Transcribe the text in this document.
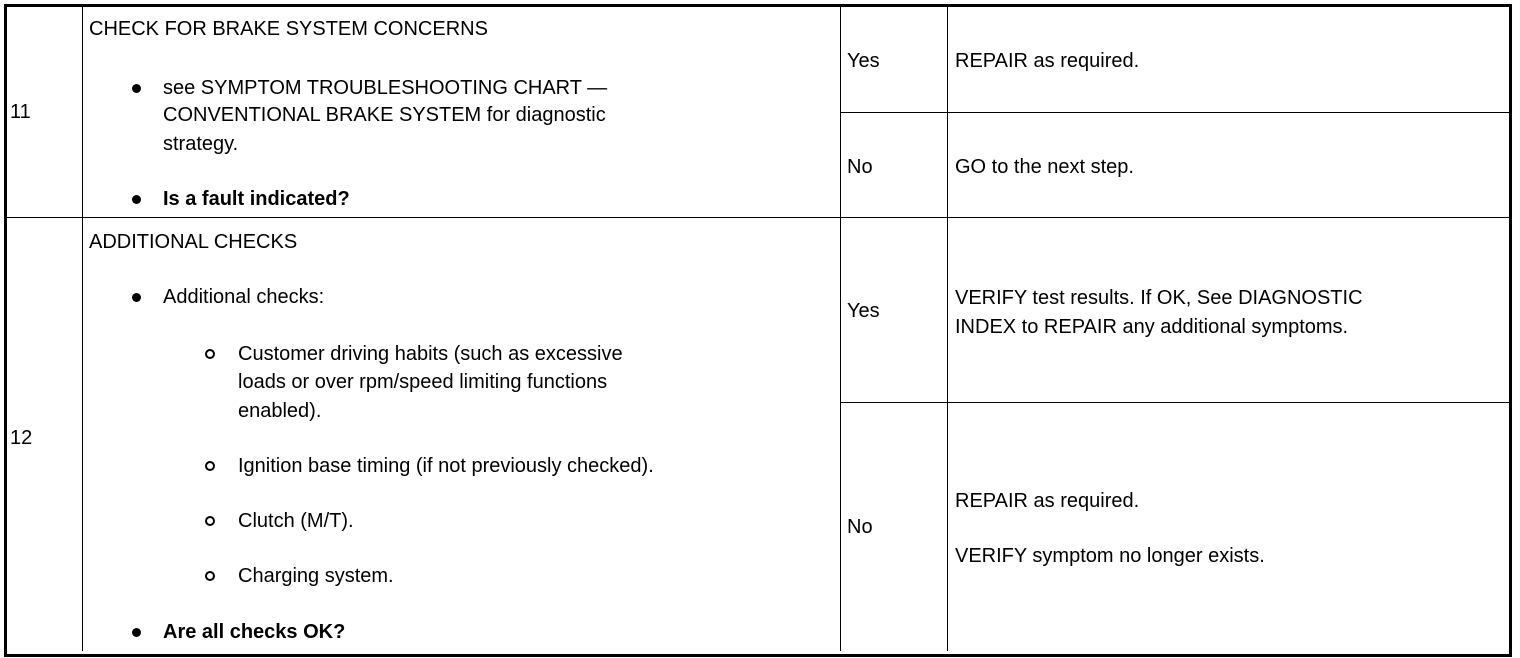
11
CHECK FOR BRAKE SYSTEM CONCERNS
see SYMPTOM TROUBLESHOOTING CHART —
CONVENTIONAL BRAKE SYSTEM for diagnostic
strategy.
Is a fault indicated?
Yes	REPAIR as required.
No	GO to the next step.
12
ADDITIONAL CHECKS
Additional checks:
Customer driving habits (such as excessive
loads or over rpm/speed limiting functions
enabled).
Ignition base timing (if not previously checked).
Clutch (M/T).
Charging system.
Are all checks OK?
Yes
VERIFY test results. If OK, See DIAGNOSTIC
INDEX to REPAIR any additional symptoms.
No
REPAIR as required.
VERIFY symptom no longer exists.
